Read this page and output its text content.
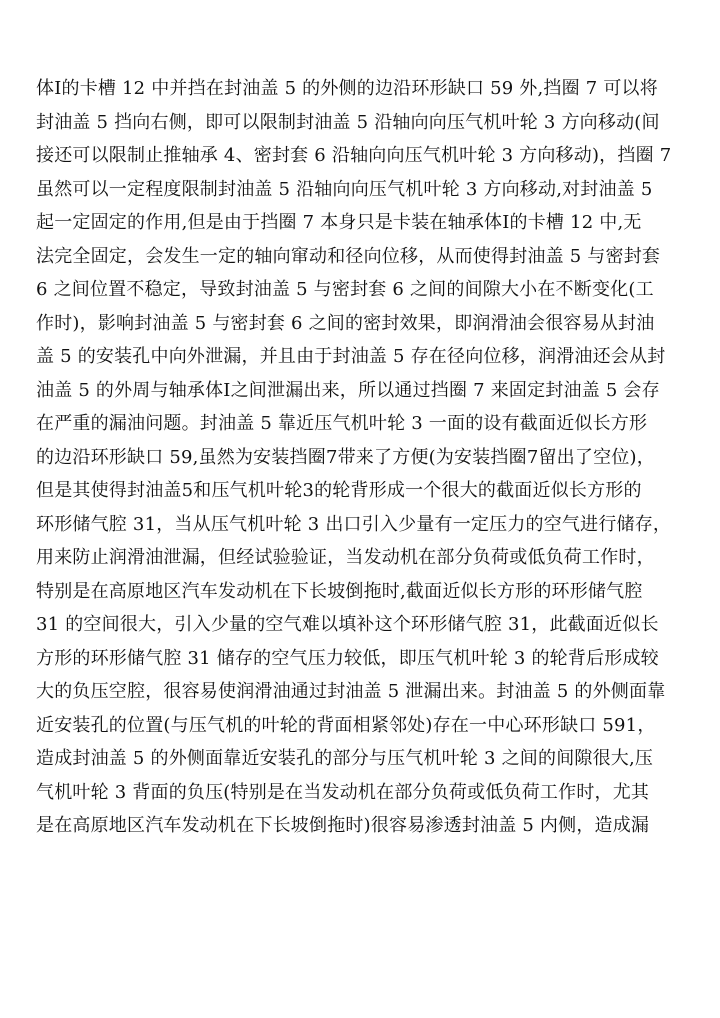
体Ⅰ的卡槽 12 中并挡在封油盖 5 的外侧的边沿环形缺口 59 外,挡圈 7 可以将
封油盖 5 挡向右侧，即可以限制封油盖 5 沿轴向向压气机叶轮 3 方向移动(间
接还可以限制止推轴承 4、密封套 6 沿轴向向压气机叶轮 3 方向移动)，挡圈 7
虽然可以一定程度限制封油盖 5 沿轴向向压气机叶轮 3 方向移动,对封油盖 5
起一定固定的作用,但是由于挡圈 7 本身只是卡装在轴承体Ⅰ的卡槽 12 中,无
法完全固定，会发生一定的轴向窜动和径向位移，从而使得封油盖 5 与密封套
6 之间位置不稳定，导致封油盖 5 与密封套 6 之间的间隙大小在不断变化(工
作时)，影响封油盖 5 与密封套 6 之间的密封效果，即润滑油会很容易从封油
盖 5 的安装孔中向外泄漏，并且由于封油盖 5 存在径向位移，润滑油还会从封
油盖 5 的外周与轴承体Ⅰ之间泄漏出来，所以通过挡圈 7 来固定封油盖 5 会存
在严重的漏油问题。封油盖 5 靠近压气机叶轮 3 一面的设有截面近似长方形
的边沿环形缺口 59,虽然为安装挡圈7带来了方便(为安装挡圈7留出了空位)，
但是其使得封油盖5和压气机叶轮3的轮背形成一个很大的截面近似长方形的
环形储气腔 31，当从压气机叶轮 3 出口引入少量有一定压力的空气进行储存，
用来防止润滑油泄漏，但经试验验证，当发动机在部分负荷或低负荷工作时，
特别是在高原地区汽车发动机在下长坡倒拖时,截面近似长方形的环形储气腔
31 的空间很大，引入少量的空气难以填补这个环形储气腔 31，此截面近似长
方形的环形储气腔 31 储存的空气压力较低，即压气机叶轮 3 的轮背后形成较
大的负压空腔，很容易使润滑油通过封油盖 5 泄漏出来。封油盖 5 的外侧面靠
近安装孔的位置(与压气机的叶轮的背面相紧邻处)存在一中心环形缺口 591，
造成封油盖 5 的外侧面靠近安装孔的部分与压气机叶轮 3 之间的间隙很大,压
气机叶轮 3 背面的负压(特别是在当发动机在部分负荷或低负荷工作时，尤其
是在高原地区汽车发动机在下长坡倒拖时)很容易渗透封油盖 5 内侧，造成漏
